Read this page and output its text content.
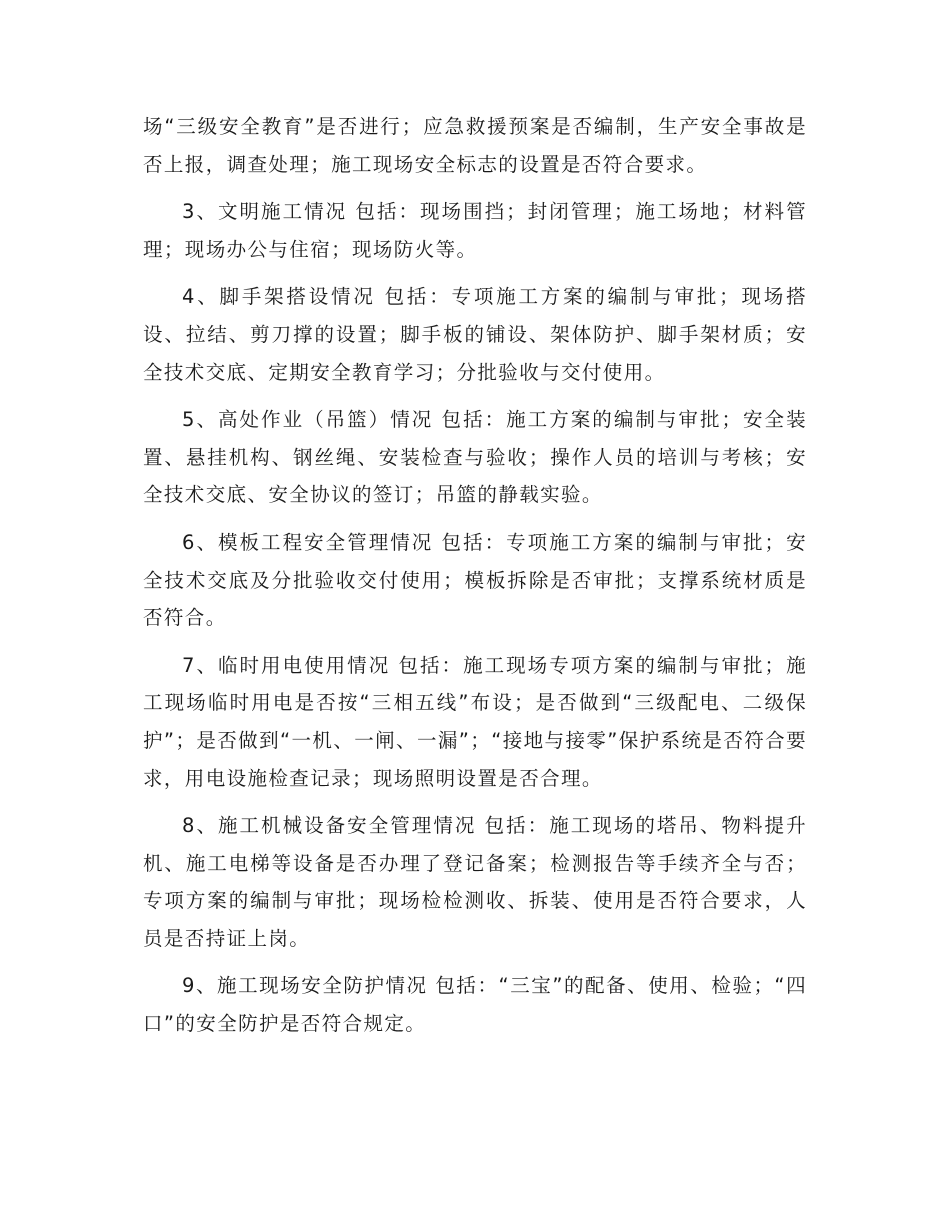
场“三级安全教育”是否进行；应急救援预案是否编制，生产安全事故是否上报，调查处理；施工现场安全标志的设置是否符合要求。

3、文明施工情况 包括：现场围挡；封闭管理；施工场地；材料管理；现场办公与住宿；现场防火等。

4、脚手架搭设情况 包括：专项施工方案的编制与审批；现场搭设、拉结、剪刀撑的设置；脚手板的铺设、架体防护、脚手架材质；安全技术交底、定期安全教育学习；分批验收与交付使用。

5、高处作业（吊篮）情况 包括：施工方案的编制与审批；安全装置、悬挂机构、钢丝绳、安装检查与验收；操作人员的培训与考核；安全技术交底、安全协议的签订；吊篮的静载实验。

6、模板工程安全管理情况 包括：专项施工方案的编制与审批；安全技术交底及分批验收交付使用；模板拆除是否审批；支撑系统材质是否符合。

7、临时用电使用情况 包括：施工现场专项方案的编制与审批；施工现场临时用电是否按“三相五线”布设；是否做到“三级配电、二级保护”；是否做到“一机、一闸、一漏”；“接地与接零”保护系统是否符合要求，用电设施检查记录；现场照明设置是否合理。

8、施工机械设备安全管理情况 包括：施工现场的塔吊、物料提升机、施工电梯等设备是否办理了登记备案；检测报告等手续齐全与否；专项方案的编制与审批；现场检检测收、拆装、使用是否符合要求，人员是否持证上岗。

9、施工现场安全防护情况 包括：“三宝”的配备、使用、检验；“四口”的安全防护是否符合规定。
